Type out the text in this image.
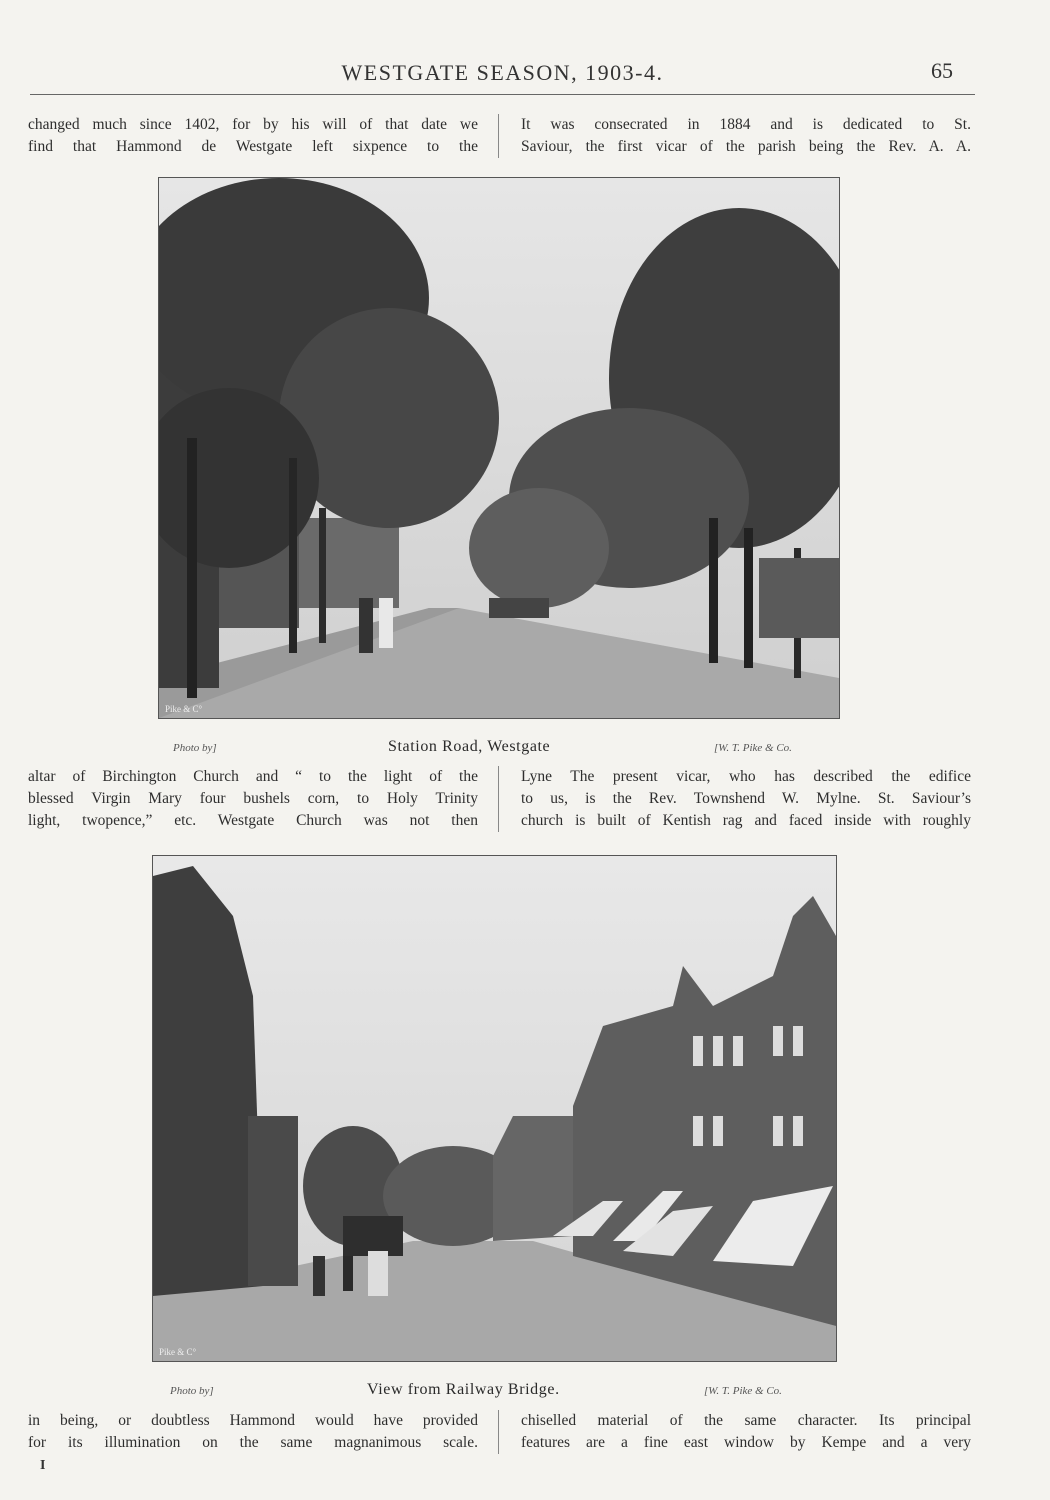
WESTGATE SEASON, 1903-4.	65

changed much since 1402, for by his will of that date we

find that Hammond de Westgate left sixpence to the

It was consecrated in 1884 and is dedicated to St.

Saviour, the first vicar of the parish being the Rev. A. A.

Pike & C°
Photo by]	Station Road, Westgate	[W. T. Pike & Co.

altar of Birchington Church and “ to the light of the

blessed Virgin Mary four bushels corn, to Holy Trinity

light, twopence,” etc. Westgate Church was not then

Lyne The present vicar, who has described the edifice

to us, is the Rev. Townshend W. Mylne. St. Saviour’s

church is built of Kentish rag and faced inside with roughly

Pike & C°
Photo by]	View from Railway Bridge.	[W. T. Pike & Co.

in being, or doubtless Hammond would have provided

for its illumination on the same magnanimous scale.

chiselled material of the same character. Its principal

features are a fine east window by Kempe and a very

I
